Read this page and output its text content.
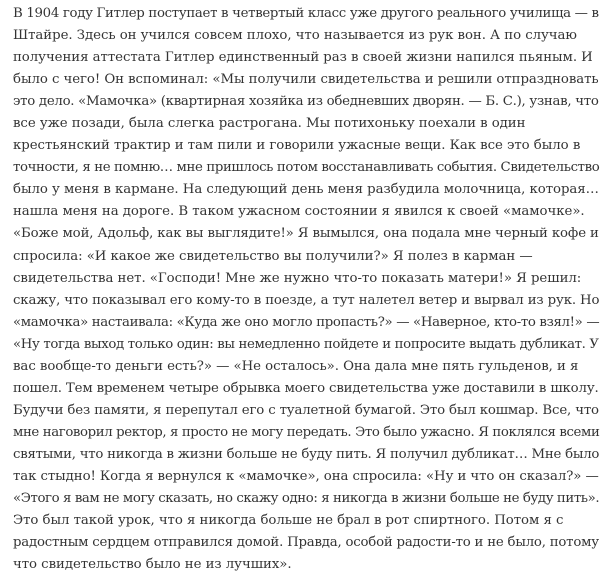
В 1904 году Гитлер поступает в четвертый класс уже другого реального училища — в
Штайре. Здесь он учился совсем плохо, что называется из рук вон. А по случаю
получения аттестата Гитлер единственный раз в своей жизни напился пьяным. И
было с чего! Он вспоминал: «Мы получили свидетельства и решили отпраздновать
это дело. «Мамочка» (квартирная хозяйка из обедневших дворян. — Б. С.), узнав, что
все уже позади, была слегка растрогана. Мы потихоньку поехали в один
крестьянский трактир и там пили и говорили ужасные вещи. Как все это было в
точности, я не помню… мне пришлось потом восстанавливать события. Свидетельство
было у меня в кармане. На следующий день меня разбудила молочница, которая…
нашла меня на дороге. В таком ужасном состоянии я явился к своей «мамочке».
«Боже мой, Адольф, как вы выглядите!» Я вымылся, она подала мне черный кофе и
спросила: «И какое же свидетельство вы получили?» Я полез в карман —
свидетельства нет. «Господи! Мне же нужно что-то показать матери!» Я решил:
скажу, что показывал его кому-то в поезде, а тут налетел ветер и вырвал из рук. Но
«мамочка» настаивала: «Куда же оно могло пропасть?» — «Наверное, кто-то взял!» —
«Ну тогда выход только один: вы немедленно пойдете и попросите выдать дубликат. У
вас вообще-то деньги есть?» — «Не осталось». Она дала мне пять гульденов, и я
пошел. Тем временем четыре обрывка моего свидетельства уже доставили в школу.
Будучи без памяти, я перепутал его с туалетной бумагой. Это был кошмар. Все, что
мне наговорил ректор, я просто не могу передать. Это было ужасно. Я поклялся всеми
святыми, что никогда в жизни больше не буду пить. Я получил дубликат… Мне было
так стыдно! Когда я вернулся к «мамочке», она спросила: «Ну и что он сказал?» —
«Этого я вам не могу сказать, но скажу одно: я никогда в жизни больше не буду пить».
Это был такой урок, что я никогда больше не брал в рот спиртного. Потом я с
радостным сердцем отправился домой. Правда, особой радости-то и не было, потому
что свидетельство было не из лучших».
